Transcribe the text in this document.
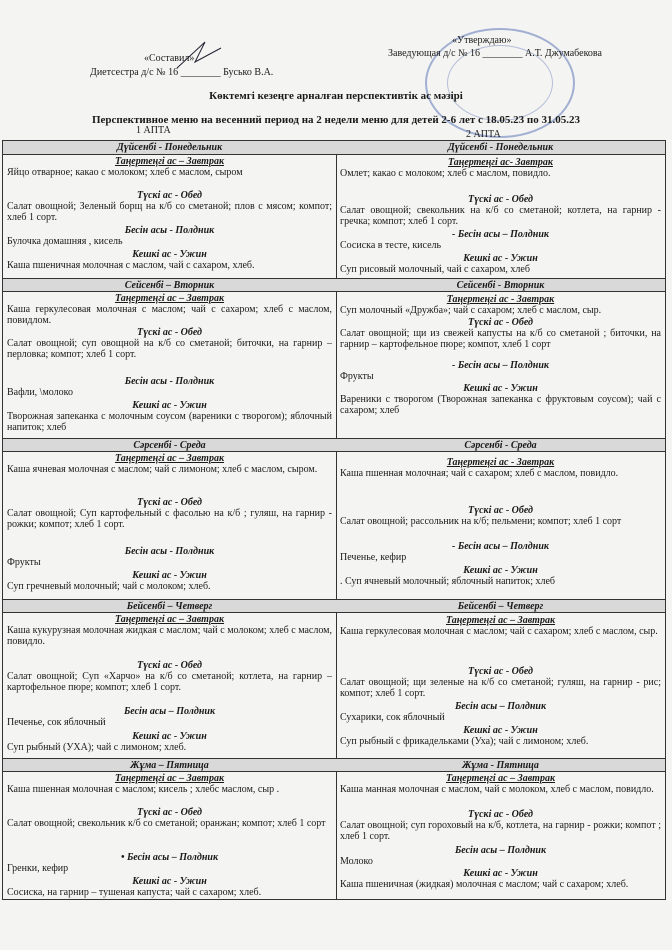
«Утверждаю»
Заведующая д/с № 16 ________ А.Т. Джумабекова
«Составил»
Диетсестра д/с № 16 ________ Бусько В.А.
Көктемгі кезеңге арналған перспективтік ас мәзірі
Перспективное меню на весенний период на 2 недели меню для детей 2-6 лет с 18.05.23 по 31.05.23
1 АПТА	2 АПТА
Дүйсенбі - Понедельник
Таңертеңгі ас – Завтрак
Яйцо отварное; какао с молоком; хлеб с маслом, сыром
Түскі ас - Обед
Салат овощной; Зеленый борщ на к/б со сметаной; плов с мясом; компот; хлеб 1 сорт.
Бесін асы - Полдник
Булочка домашняя , кисель
Кешкі ас - Ужин
Каша пшеничная молочная с маслом, чай с сахаром, хлеб.
Сейсенбі – Вторник
Таңертеңгі ас – Завтрак
Каша геркулесовая молочная с маслом; чай с сахаром; хлеб с маслом, повидлом.
Түскі ас - Обед
Салат овощной; суп овощной на к/б со сметаной; биточки, на гарнир – перловка; компот; хлеб 1 сорт.
Бесін асы - Полдник
Вафли, \молоко
Кешкі ас - Ужин
Творожная запеканка с молочным соусом (вареники с творогом); яблочный напиток; хлеб
Сәрсенбі - Среда
Таңертеңгі ас – Завтрак
Каша ячневая молочная с маслом; чай с лимоном; хлеб с маслом, сыром.
Түскі ас - Обед
Салат овощной; Суп картофельный с фасолью на к/б ; гуляш, на гарнир - рожки; компот; хлеб 1 сорт.
Бесін асы - Полдник
Фрукты
Кешкі ас - Ужин
Суп гречневый молочный; чай с молоком; хлеб.
Бейсенбі – Четверг
Таңертеңгі ас – Завтрак
Каша кукурузная молочная жидкая с маслом; чай с молоком; хлеб с маслом, повидло.
Түскі ас - Обед
Салат овощной; Суп «Харчо» на к/б со сметаной; котлета, на гарнир – картофельное пюре; компот; хлеб 1 сорт.
Бесін асы – Полдник
Печенье, сок яблочный
Кешкі ас - Ужин
Суп рыбный (УХА); чай с лимоном; хлеб.
Жұма – Пятница
Таңертеңгі ас – Завтрак
Каша пшенная молочная с маслом; кисель ; хлебс маслом, сыр .
Түскі ас - Обед
Салат овощной; свекольник к/б со сметаной; оранжан; компот; хлеб 1 сорт
• Бесін асы – Полдник
Гренки, кефир
Кешкі ас - Ужин
Сосиска, на гарнир – тушеная капуста; чай с сахаром; хлеб.
Дүйсенбі - Понедельник
Таңертеңгі ас- Завтрак
Омлет; какао с молоком; хлеб с маслом, повидло.
Түскі ас - Обед
Салат овощной; свекольник на к/б со сметаной; котлета, на гарнир - гречка; компот; хлеб 1 сорт.
- Бесін асы – Полдник
Сосиска в тесте, кисель
Кешкі ас - Ужин
Суп рисовый молочный, чай с сахаром, хлеб
Сейсенбі - Вторник
Таңертеңгі ас - Завтрак
Суп молочный «Дружба»; чай с сахаром; хлеб с маслом, сыр.
Түскі ас - Обед
Салат овощной; щи из свежей капусты на к/б со сметаной ; биточки, на гарнир – картофельное пюре; компот, хлеб 1 сорт
- Бесін асы – Полдник
Фрукты
Кешкі ас - Ужин
Вареники с творогом (Творожная запеканка с фруктовым соусом); чай с сахаром; хлеб
Сәрсенбі - Среда
Таңертеңгі ас - Завтрак
Каша пшенная молочная; чай с сахаром; хлеб с маслом, повидло.
Түскі ас - Обед
Салат овощной; рассольник на к/б; пельмени; компот; хлеб 1 сорт
- Бесін асы – Полдник
Печенье, кефир
Кешкі ас - Ужин
. Суп ячневый молочный; яблочный напиток; хлеб
Бейсенбі – Четверг
Таңертеңгі ас – Завтрак
Каша геркулесовая молочная с маслом; чай с сахаром; хлеб с маслом, сыр.
Түскі ас - Обед
Салат овощной; щи зеленые на к/б со сметаной; гуляш, на гарнир - рис; компот; хлеб 1 сорт.
Бесін асы – Полдник
Сухарики, сок яблочный
Кешкі ас - Ужин
Суп рыбный с фрикадельками (Уха); чай с лимоном; хлеб.
Жұма - Пятница
Таңертеңгі ас – Завтрак
Каша манная молочная с маслом, чай с молоком, хлеб с маслом, повидло.
Түскі ас - Обед
Салат овощной; суп гороховый на к/б, котлета, на гарнир - рожки; компот ; хлеб 1 сорт.
Бесін асы – Полдник
Молоко
Кешкі ас - Ужин
Каша пшеничная (жидкая) молочная с маслом; чай с сахаром; хлеб.
